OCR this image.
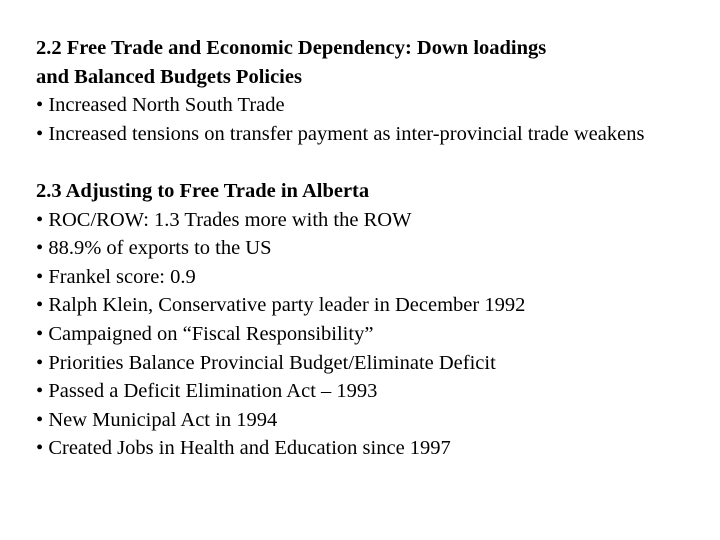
2.2 Free Trade and Economic Dependency: Down loadings
and Balanced Budgets Policies
• Increased North South Trade
• Increased tensions on transfer payment as inter-provincial trade weakens
2.3 Adjusting to Free Trade in Alberta
• ROC/ROW: 1.3 Trades more with the ROW
• 88.9% of exports to the US
• Frankel score: 0.9
• Ralph Klein, Conservative party leader in December 1992
• Campaigned on “Fiscal Responsibility”
• Priorities Balance Provincial Budget/Eliminate Deficit
• Passed a Deficit Elimination Act – 1993
• New Municipal Act in 1994
• Created Jobs in Health and Education since 1997
